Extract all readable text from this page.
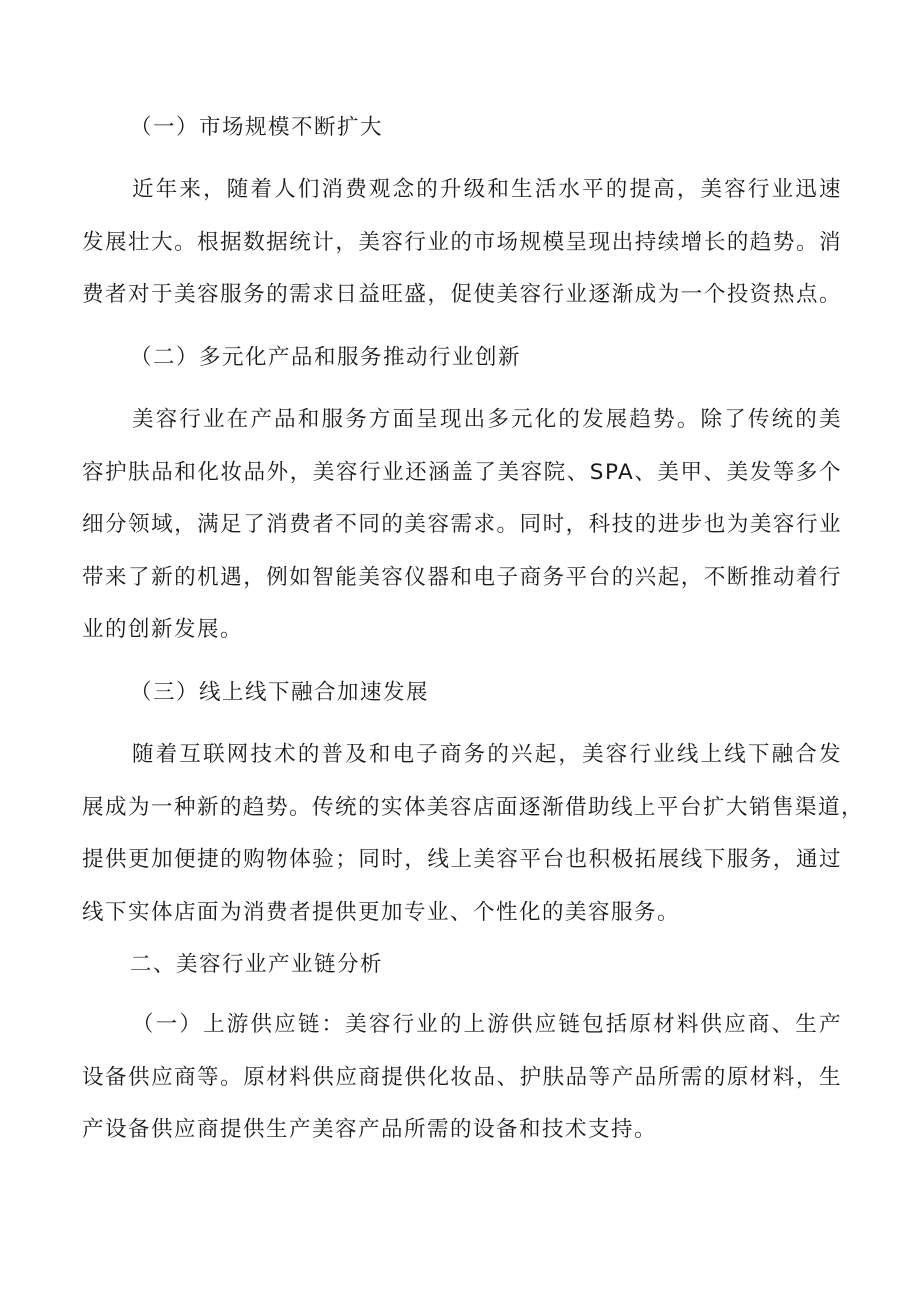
（一）市场规模不断扩大
近年来，随着人们消费观念的升级和生活水平的提高，美容行业迅速
发展壮大。根据数据统计，美容行业的市场规模呈现出持续增长的趋势。消
费者对于美容服务的需求日益旺盛，促使美容行业逐渐成为一个投资热点。
（二）多元化产品和服务推动行业创新
美容行业在产品和服务方面呈现出多元化的发展趋势。除了传统的美
容护肤品和化妆品外，美容行业还涵盖了美容院、SPA、美甲、美发等多个
细分领域，满足了消费者不同的美容需求。同时，科技的进步也为美容行业
带来了新的机遇，例如智能美容仪器和电子商务平台的兴起，不断推动着行
业的创新发展。
（三）线上线下融合加速发展
随着互联网技术的普及和电子商务的兴起，美容行业线上线下融合发
展成为一种新的趋势。传统的实体美容店面逐渐借助线上平台扩大销售渠道，
提供更加便捷的购物体验；同时，线上美容平台也积极拓展线下服务，通过
线下实体店面为消费者提供更加专业、个性化的美容服务。
二、美容行业产业链分析
（一）上游供应链：美容行业的上游供应链包括原材料供应商、生产
设备供应商等。原材料供应商提供化妆品、护肤品等产品所需的原材料，生
产设备供应商提供生产美容产品所需的设备和技术支持。
